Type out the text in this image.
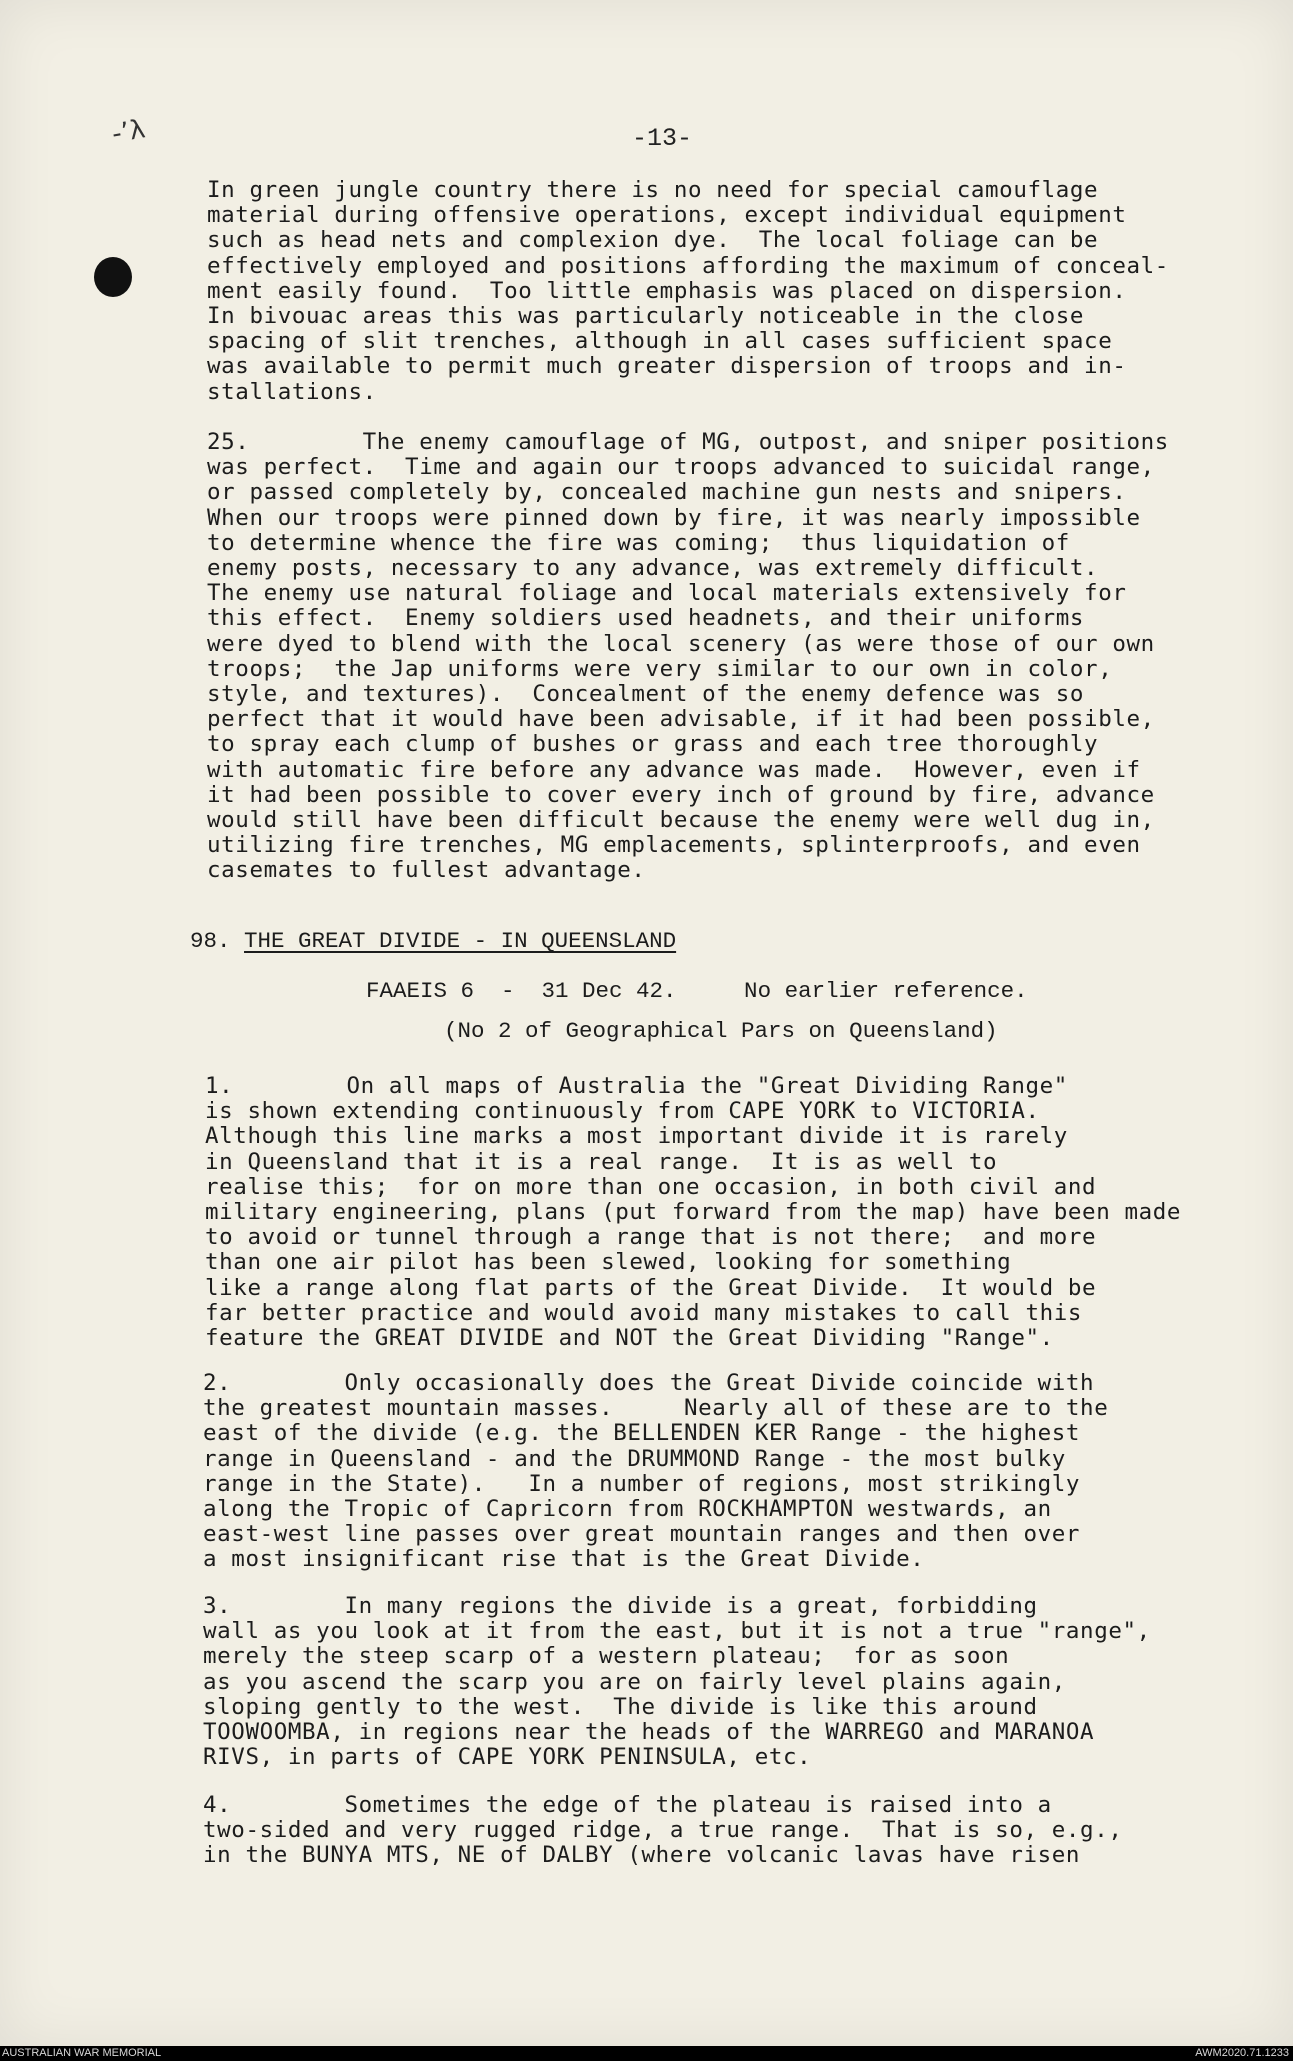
-’λ	-13-
In green jungle country there is no need for special camouflage
material during offensive operations, except individual equipment
such as head nets and complexion dye.  The local foliage can be
effectively employed and positions affording the maximum of conceal-
ment easily found.  Too little emphasis was placed on dispersion.
In bivouac areas this was particularly noticeable in the close
spacing of slit trenches, although in all cases sufficient space
was available to permit much greater dispersion of troops and in-
stallations.
25.        The enemy camouflage of MG, outpost, and sniper positions
was perfect.  Time and again our troops advanced to suicidal range,
or passed completely by, concealed machine gun nests and snipers.
When our troops were pinned down by fire, it was nearly impossible
to determine whence the fire was coming;  thus liquidation of
enemy posts, necessary to any advance, was extremely difficult.
The enemy use natural foliage and local materials extensively for
this effect.  Enemy soldiers used headnets, and their uniforms
were dyed to blend with the local scenery (as were those of our own
troops;  the Jap uniforms were very similar to our own in color,
style, and textures).  Concealment of the enemy defence was so
perfect that it would have been advisable, if it had been possible,
to spray each clump of bushes or grass and each tree thoroughly
with automatic fire before any advance was made.  However, even if
it had been possible to cover every inch of ground by fire, advance
would still have been difficult because the enemy were well dug in,
utilizing fire trenches, MG emplacements, splinterproofs, and even
casemates to fullest advantage.
98. THE GREAT DIVIDE - IN QUEENSLAND
FAAEIS 6  -  31 Dec 42.     No earlier reference.
(No 2 of Geographical Pars on Queensland)
1.        On all maps of Australia the "Great Dividing Range"
is shown extending continuously from CAPE YORK to VICTORIA.
Although this line marks a most important divide it is rarely
in Queensland that it is a real range.  It is as well to
realise this;  for on more than one occasion, in both civil and
military engineering, plans (put forward from the map) have been made
to avoid or tunnel through a range that is not there;  and more
than one air pilot has been slewed, looking for something
like a range along flat parts of the Great Divide.  It would be
far better practice and would avoid many mistakes to call this
feature the GREAT DIVIDE and NOT the Great Dividing "Range".
2.        Only occasionally does the Great Divide coincide with
the greatest mountain masses.     Nearly all of these are to the
east of the divide (e.g. the BELLENDEN KER Range - the highest
range in Queensland - and the DRUMMOND Range - the most bulky
range in the State).   In a number of regions, most strikingly
along the Tropic of Capricorn from ROCKHAMPTON westwards, an
east-west line passes over great mountain ranges and then over
a most insignificant rise that is the Great Divide.
3.        In many regions the divide is a great, forbidding
wall as you look at it from the east, but it is not a true "range",
merely the steep scarp of a western plateau;  for as soon
as you ascend the scarp you are on fairly level plains again,
sloping gently to the west.  The divide is like this around
TOOWOOMBA, in regions near the heads of the WARREGO and MARANOA
RIVS, in parts of CAPE YORK PENINSULA, etc.
4.        Sometimes the edge of the plateau is raised into a
two-sided and very rugged ridge, a true range.  That is so, e.g.,
in the BUNYA MTS, NE of DALBY (where volcanic lavas have risen
AUSTRALIAN WAR MEMORIAL	AWM2020.71.1233
